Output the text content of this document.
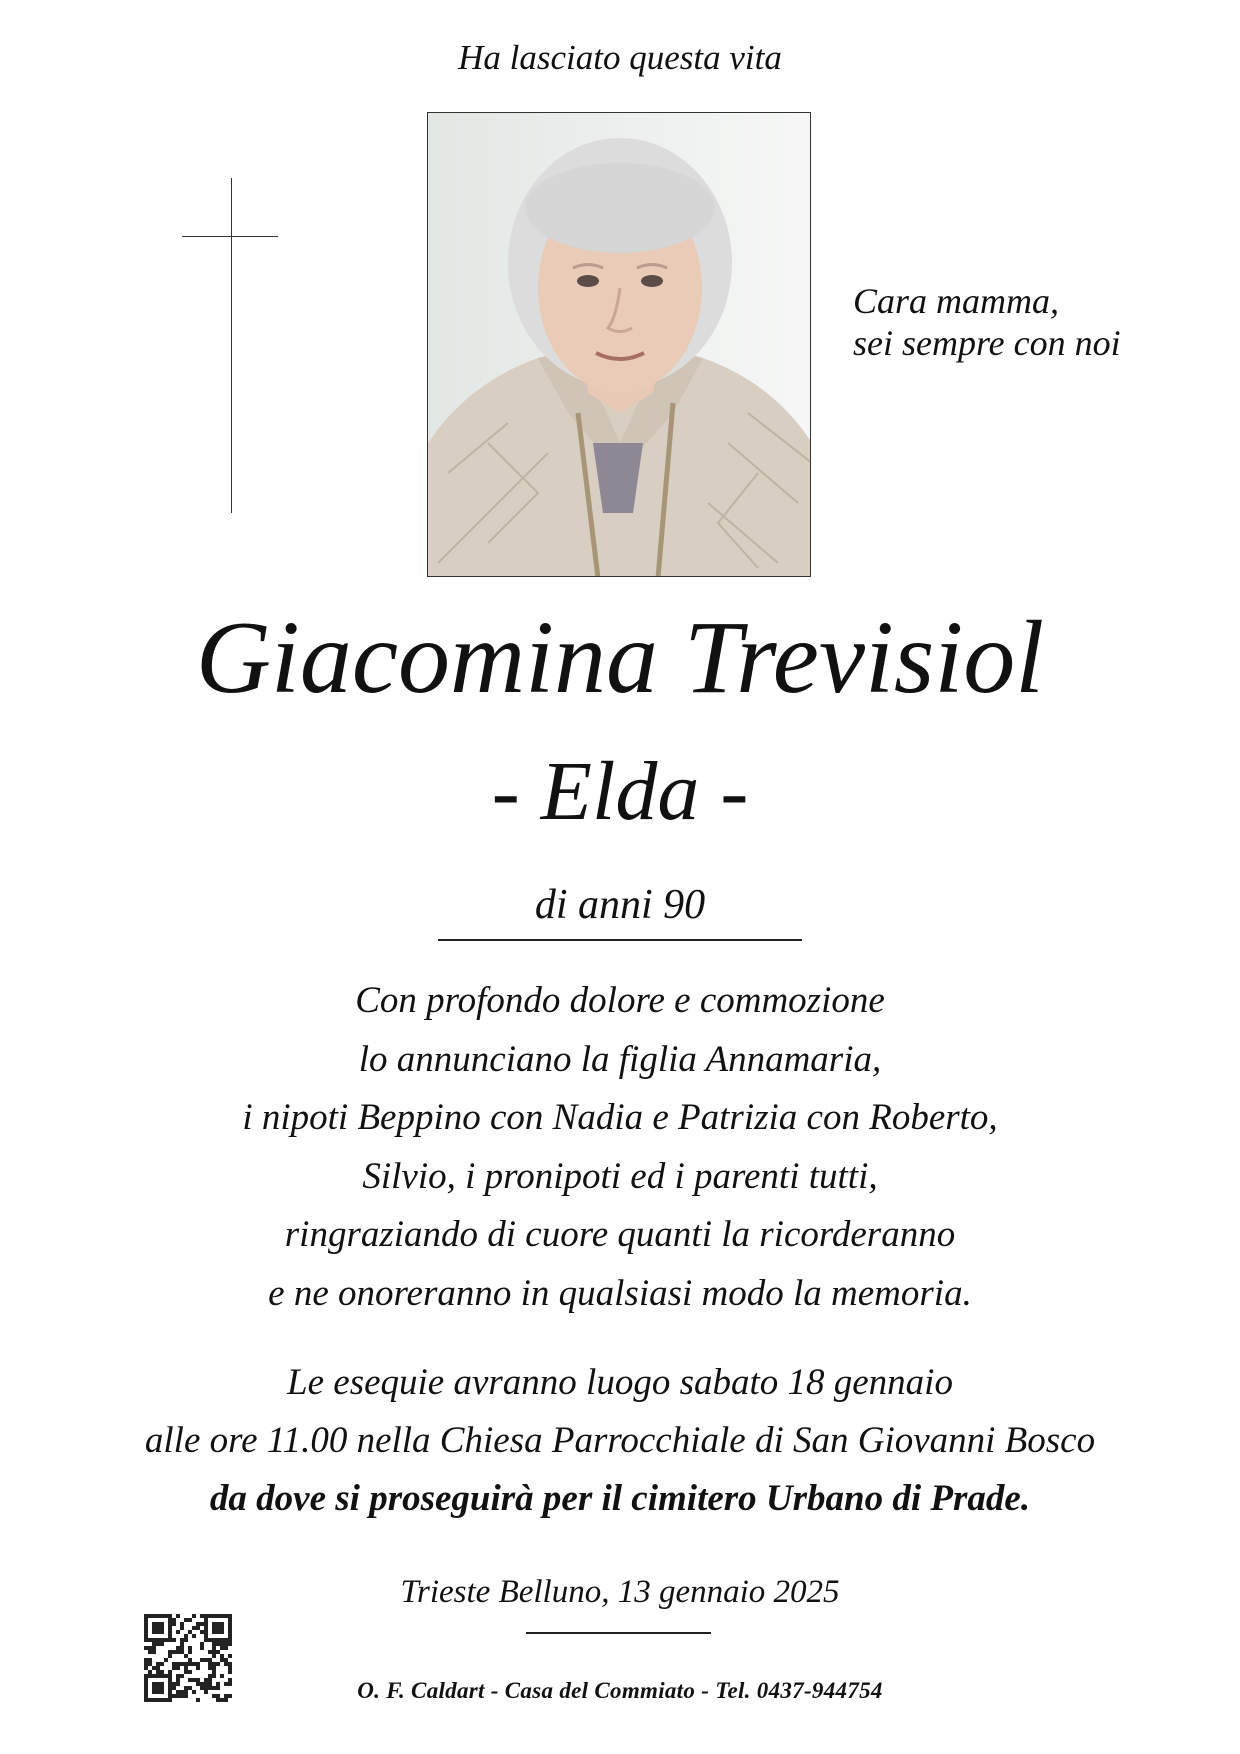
Ha lasciato questa vita
Cara mamma,
sei sempre con noi
Giacomina Trevisiol
- Elda -
di anni 90
Con profondo dolore e commozione
lo annunciano la figlia Annamaria,
i nipoti Beppino con Nadia e Patrizia con Roberto,
Silvio, i pronipoti ed i parenti tutti,
ringraziando di cuore quanti la ricorderanno
e ne onoreranno in qualsiasi modo la memoria.
Le esequie avranno luogo sabato 18 gennaio
alle ore 11.00 nella Chiesa Parrocchiale di San Giovanni Bosco
da dove si proseguirà per il cimitero Urbano di Prade.
Trieste Belluno, 13 gennaio 2025
O. F. Caldart - Casa del Commiato - Tel. 0437-944754
